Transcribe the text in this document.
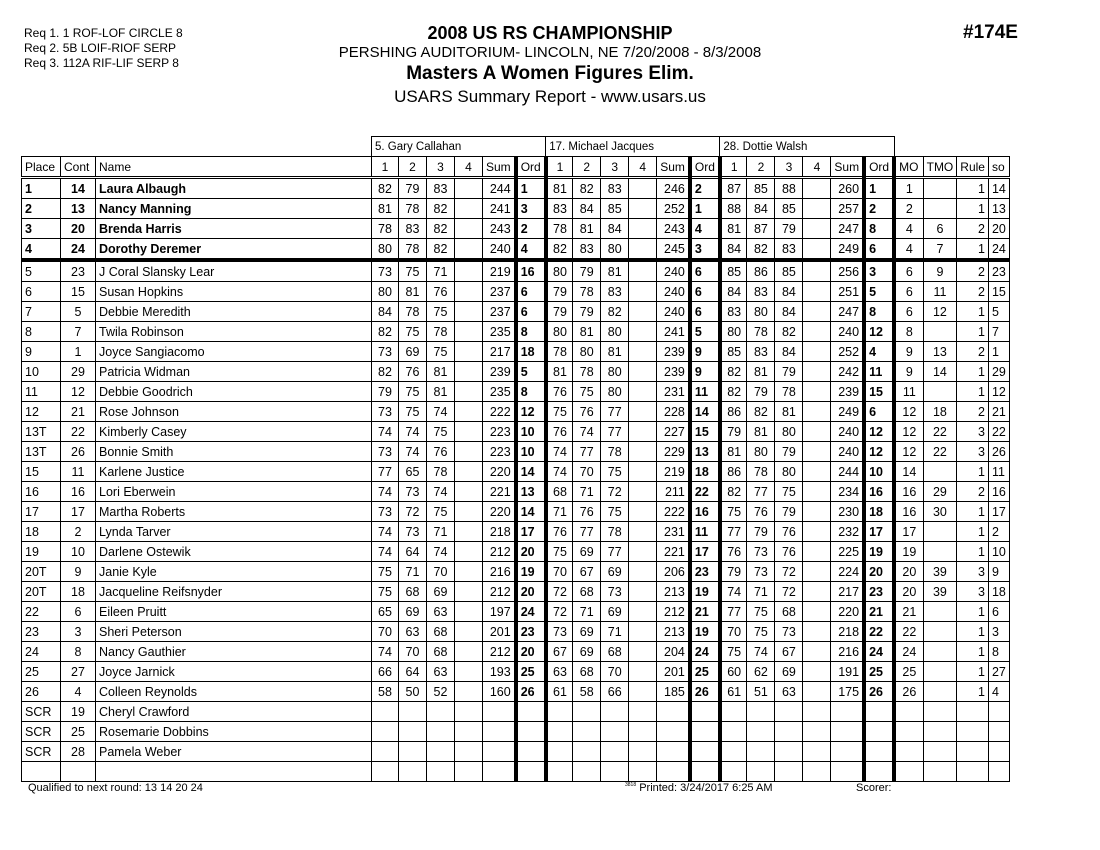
Req 1. 1 ROF-LOF CIRCLE 8
Req 2. 5B LOIF-RIOF SERP
Req 3. 112A RIF-LIF SERP 8
2008 US RS CHAMPIONSHIP
PERSHING AUDITORIUM- LINCOLN, NE 7/20/2008 - 8/3/2008
Masters A Women Figures Elim.
USARS Summary Report - www.usars.us
#174E
			5. Gary Callahan						17. Michael Jacques						28. Dottie Walsh									
Place	Cont	Name	1	2	3	4	Sum	Ord	1	2	3	4	Sum	Ord	1	2	3	4	Sum	Ord	MO	TMO	Rule	so
1	14	Laura Albaugh	82	79	83		244	1	81	82	83		246	2	87	85	88		260	1	1		1	14
2	13	Nancy Manning	81	78	82		241	3	83	84	85		252	1	88	84	85		257	2	2		1	13
3	20	Brenda Harris	78	83	82		243	2	78	81	84		243	4	81	87	79		247	8	4	6	2	20
4	24	Dorothy Deremer	80	78	82		240	4	82	83	80		245	3	84	82	83		249	6	4	7	1	24
5	23	J Coral Slansky Lear	73	75	71		219	16	80	79	81		240	6	85	86	85		256	3	6	9	2	23
6	15	Susan Hopkins	80	81	76		237	6	79	78	83		240	6	84	83	84		251	5	6	11	2	15
7	5	Debbie Meredith	84	78	75		237	6	79	79	82		240	6	83	80	84		247	8	6	12	1	5
8	7	Twila Robinson	82	75	78		235	8	80	81	80		241	5	80	78	82		240	12	8		1	7
9	1	Joyce Sangiacomo	73	69	75		217	18	78	80	81		239	9	85	83	84		252	4	9	13	2	1
10	29	Patricia Widman	82	76	81		239	5	81	78	80		239	9	82	81	79		242	11	9	14	1	29
11	12	Debbie Goodrich	79	75	81		235	8	76	75	80		231	11	82	79	78		239	15	11		1	12
12	21	Rose Johnson	73	75	74		222	12	75	76	77		228	14	86	82	81		249	6	12	18	2	21
13T	22	Kimberly Casey	74	74	75		223	10	76	74	77		227	15	79	81	80		240	12	12	22	3	22
13T	26	Bonnie Smith	73	74	76		223	10	74	77	78		229	13	81	80	79		240	12	12	22	3	26
15	11	Karlene Justice	77	65	78		220	14	74	70	75		219	18	86	78	80		244	10	14		1	11
16	16	Lori Eberwein	74	73	74		221	13	68	71	72		211	22	82	77	75		234	16	16	29	2	16
17	17	Martha Roberts	73	72	75		220	14	71	76	75		222	16	75	76	79		230	18	16	30	1	17
18	2	Lynda Tarver	74	73	71		218	17	76	77	78		231	11	77	79	76		232	17	17		1	2
19	10	Darlene Ostewik	74	64	74		212	20	75	69	77		221	17	76	73	76		225	19	19		1	10
20T	9	Janie Kyle	75	71	70		216	19	70	67	69		206	23	79	73	72		224	20	20	39	3	9
20T	18	Jacqueline Reifsnyder	75	68	69		212	20	72	68	73		213	19	74	71	72		217	23	20	39	3	18
22	6	Eileen Pruitt	65	69	63		197	24	72	71	69		212	21	77	75	68		220	21	21		1	6
23	3	Sheri Peterson	70	63	68		201	23	73	69	71		213	19	70	75	73		218	22	22		1	3
24	8	Nancy Gauthier	74	70	68		212	20	67	69	68		204	24	75	74	67		216	24	24		1	8
25	27	Joyce Jarnick	66	64	63		193	25	63	68	70		201	25	60	62	69		191	25	25		1	27
26	4	Colleen Reynolds	58	50	52		160	26	61	58	66		185	26	61	51	63		175	26	26		1	4
SCR	19	Cheryl Crawford																						
SCR	25	Rosemarie Dobbins																						
SCR	28	Pamela Weber																						

Qualified to next round: 13 14 20 24	$^{3818}$ Printed: 3/24/2017 6:25 AM	Scorer:
